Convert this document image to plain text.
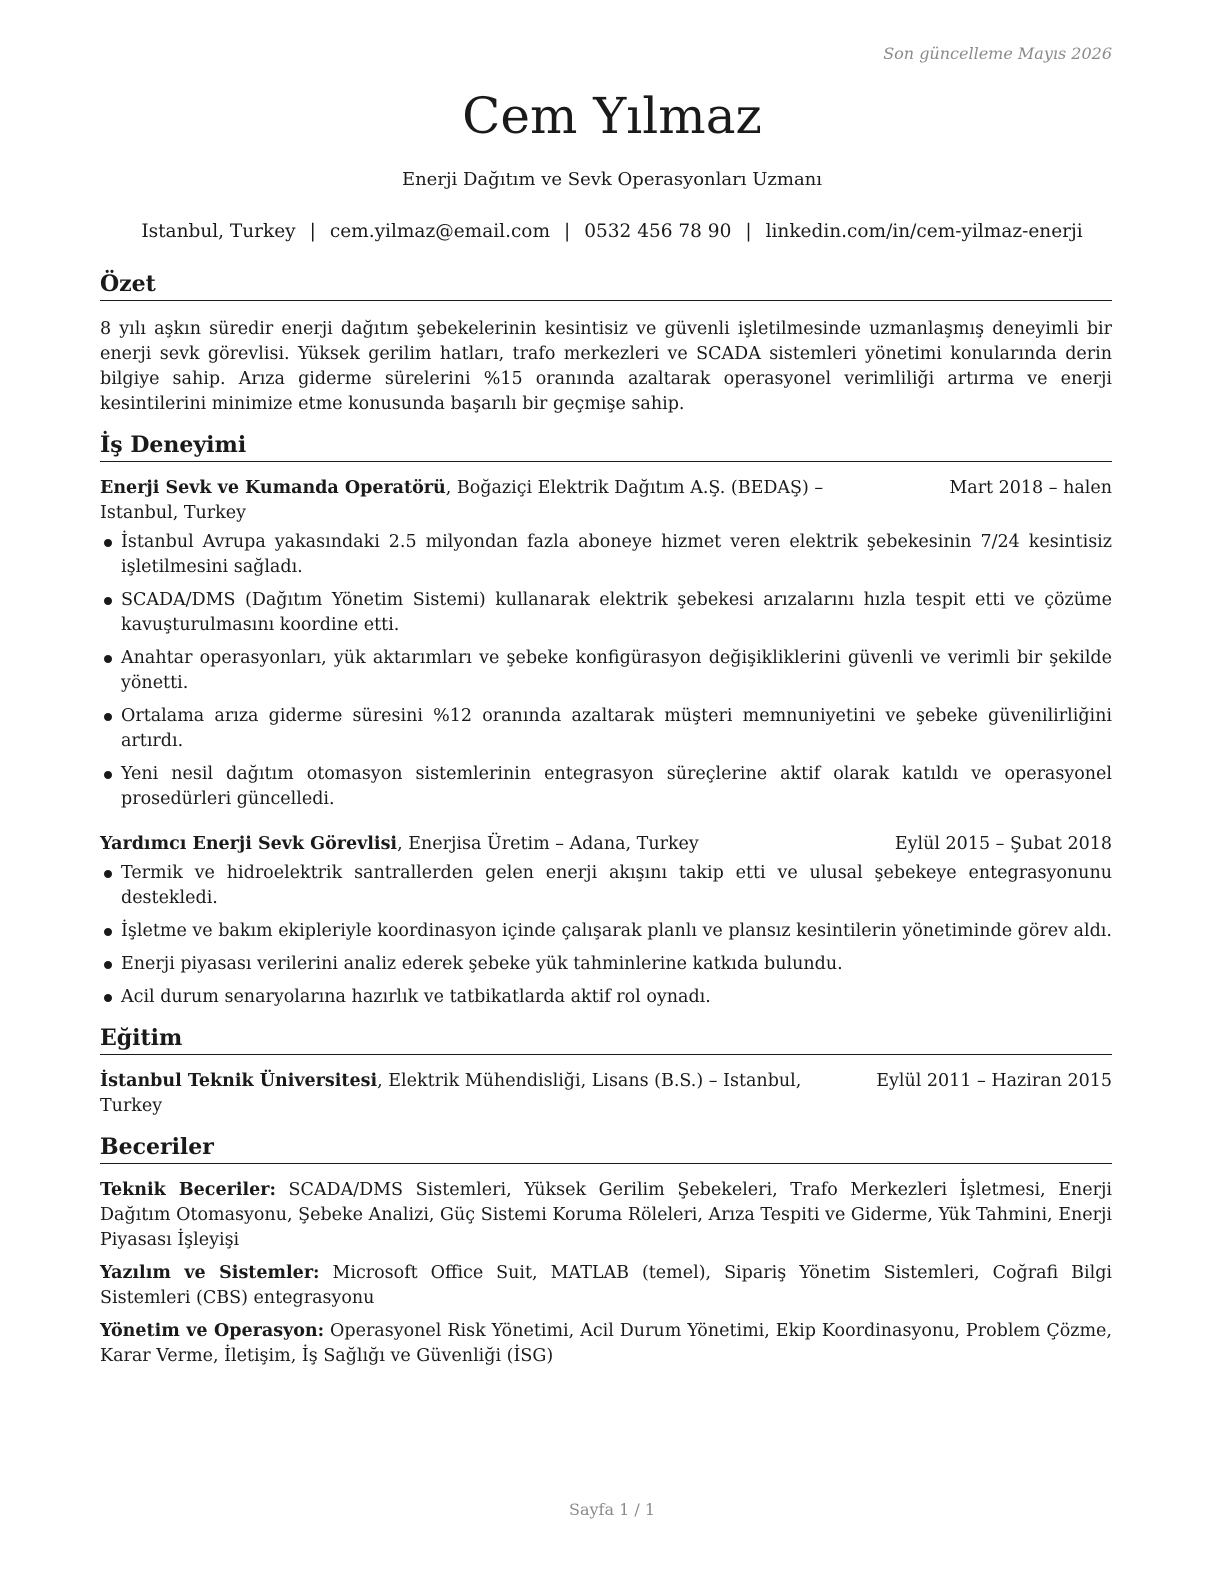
Son güncelleme Mayıs 2026
Cem Yılmaz
Enerji Dağıtım ve Sevk Operasyonları Uzmanı
Istanbul, Turkey | cem.yilmaz@email.com | 0532 456 78 90 | linkedin.com/in/cem-yilmaz-enerji
Özet
8 yılı aşkın süredir enerji dağıtım şebekelerinin kesintisiz ve güvenli işletilmesinde uzmanlaşmış deneyimli bir enerji sevk görevlisi. Yüksek gerilim hatları, trafo merkezleri ve SCADA sistemleri yönetimi konularında derin bilgiye sahip. Arıza giderme sürelerini %15 oranında azaltarak operasyonel verimliliği artırma ve enerji kesintilerini minimize etme konusunda başarılı bir geçmişe sahip.
İş Deneyimi
Enerji Sevk ve Kumanda Operatörü, Boğaziçi Elektrik Dağıtım A.Ş. (BEDAŞ) – Istanbul, Turkey
Mart 2018 – halen
İstanbul Avrupa yakasındaki 2.5 milyondan fazla aboneye hizmet veren elektrik şebekesinin 7/24 kesintisiz işletilmesini sağladı.
SCADA/DMS (Dağıtım Yönetim Sistemi) kullanarak elektrik şebekesi arızalarını hızla tespit etti ve çözüme kavuşturulmasını koordine etti.
Anahtar operasyonları, yük aktarımları ve şebeke konfigürasyon değişikliklerini güvenli ve verimli bir şekilde yönetti.
Ortalama arıza giderme süresini %12 oranında azaltarak müşteri memnuniyetini ve şebeke güvenilirliğini artırdı.
Yeni nesil dağıtım otomasyon sistemlerinin entegrasyon süreçlerine aktif olarak katıldı ve operasyonel prosedürleri güncelledi.
Yardımcı Enerji Sevk Görevlisi, Enerjisa Üretim – Adana, Turkey	Eylül 2015 – Şubat 2018
Termik ve hidroelektrik santrallerden gelen enerji akışını takip etti ve ulusal şebekeye entegrasyonunu destekledi.
İşletme ve bakım ekipleriyle koordinasyon içinde çalışarak planlı ve plansız kesintilerin yönetiminde görev aldı.
Enerji piyasası verilerini analiz ederek şebeke yük tahminlerine katkıda bulundu.
Acil durum senaryolarına hazırlık ve tatbikatlarda aktif rol oynadı.
Eğitim
İstanbul Teknik Üniversitesi, Elektrik Mühendisliği, Lisans (B.S.) – Istanbul, Turkey
Eylül 2011 – Haziran 2015
Beceriler
Teknik Beceriler: SCADA/DMS Sistemleri, Yüksek Gerilim Şebekeleri, Trafo Merkezleri İşletmesi, Enerji Dağıtım Otomasyonu, Şebeke Analizi, Güç Sistemi Koruma Röleleri, Arıza Tespiti ve Giderme, Yük Tahmini, Enerji Piyasası İşleyişi
Yazılım ve Sistemler: Microsoft Office Suit, MATLAB (temel), Sipariş Yönetim Sistemleri, Coğrafi Bilgi Sistemleri (CBS) entegrasyonu
Yönetim ve Operasyon: Operasyonel Risk Yönetimi, Acil Durum Yönetimi, Ekip Koordinasyonu, Problem Çözme, Karar Verme, İletişim, İş Sağlığı ve Güvenliği (İSG)
Sayfa 1 / 1
